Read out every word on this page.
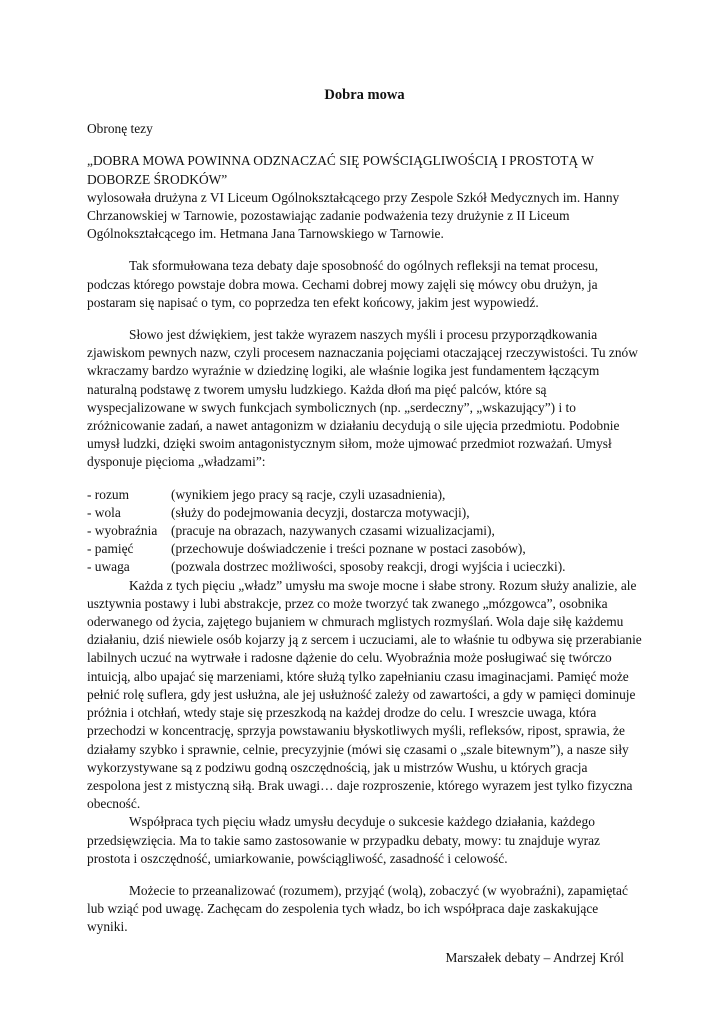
Dobra mowa

Obronę tezy

„DOBRA MOWA POWINNA ODZNACZAĆ SIĘ POWŚCIĄGLIWOŚCIĄ I PROSTOTĄ W DOBORZE ŚRODKÓW”

wylosowała drużyna z VI Liceum Ogólnokształcącego przy Zespole Szkół Medycznych im. Hanny Chrzanowskiej w Tarnowie, pozostawiając zadanie podważenia tezy drużynie z II Liceum Ogólnokształcącego im. Hetmana Jana Tarnowskiego w Tarnowie.

Tak sformułowana teza debaty daje sposobność do ogólnych refleksji na temat procesu, podczas którego powstaje dobra mowa. Cechami dobrej mowy zajęli się mówcy obu drużyn, ja postaram się napisać o tym, co poprzedza ten efekt końcowy, jakim jest wypowiedź.

Słowo jest dźwiękiem, jest także wyrazem naszych myśli i procesu przyporządkowania zjawiskom pewnych nazw, czyli procesem naznaczania pojęciami otaczającej rzeczywistości. Tu znów wkraczamy bardzo wyraźnie w dziedzinę logiki, ale właśnie logika jest fundamentem łączącym naturalną podstawę z tworem umysłu ludzkiego. Każda dłoń ma pięć palców, które są wyspecjalizowane w swych funkcjach symbolicznych (np. „serdeczny”, „wskazujący”) i to zróżnicowanie zadań, a nawet antagonizm w działaniu decydują o sile ujęcia przedmiotu. Podobnie umysł ludzki, dzięki swoim antagonistycznym siłom, może ujmować przedmiot rozważań. Umysł dysponuje pięcioma „władzami”:

- rozum	(wynikiem jego pracy są racje, czyli uzasadnienia),
- wola	(służy do podejmowania decyzji, dostarcza motywacji),
- wyobraźnia	(pracuje na obrazach, nazywanych czasami wizualizacjami),
- pamięć	(przechowuje doświadczenie i treści poznane w postaci zasobów),
- uwaga	(pozwala dostrzec możliwości, sposoby reakcji, drogi wyjścia i ucieczki).

Każda z tych pięciu „władz” umysłu ma swoje mocne i słabe strony. Rozum służy analizie, ale usztywnia postawy i lubi abstrakcje, przez co może tworzyć tak zwanego „mózgowca”, osobnika oderwanego od życia, zajętego bujaniem w chmurach mglistych rozmyślań. Wola daje siłę każdemu działaniu, dziś niewiele osób kojarzy ją z sercem i uczuciami, ale to właśnie tu odbywa się przerabianie labilnych uczuć na wytrwałe i radosne dążenie do celu. Wyobraźnia może posługiwać się twórczo intuicją, albo upajać się marzeniami, które służą tylko zapełnianiu czasu imaginacjami. Pamięć może pełnić rolę suflera, gdy jest usłużna, ale jej usłużność zależy od zawartości, a gdy w pamięci dominuje próżnia i otchłań, wtedy staje się przeszkodą na każdej drodze do celu. I wreszcie uwaga, która przechodzi w koncentrację, sprzyja powstawaniu błyskotliwych myśli, refleksów, ripost, sprawia, że działamy szybko i sprawnie, celnie, precyzyjnie (mówi się czasami o „szale bitewnym”), a nasze siły wykorzystywane są z podziwu godną oszczędnością, jak u mistrzów Wushu, u których gracja zespolona jest z mistyczną siłą. Brak uwagi… daje rozproszenie, którego wyrazem jest tylko fizyczna obecność.

Współpraca tych pięciu władz umysłu decyduje o sukcesie każdego działania, każdego przedsięwzięcia. Ma to takie samo zastosowanie w przypadku debaty, mowy: tu znajduje wyraz prostota i oszczędność, umiarkowanie, powściągliwość, zasadność i celowość.

Możecie to przeanalizować (rozumem), przyjąć (wolą), zobaczyć (w wyobraźni), zapamiętać lub wziąć pod uwagę. Zachęcam do zespolenia tych władz, bo ich współpraca daje zaskakujące wyniki.

Marszałek debaty – Andrzej Król
